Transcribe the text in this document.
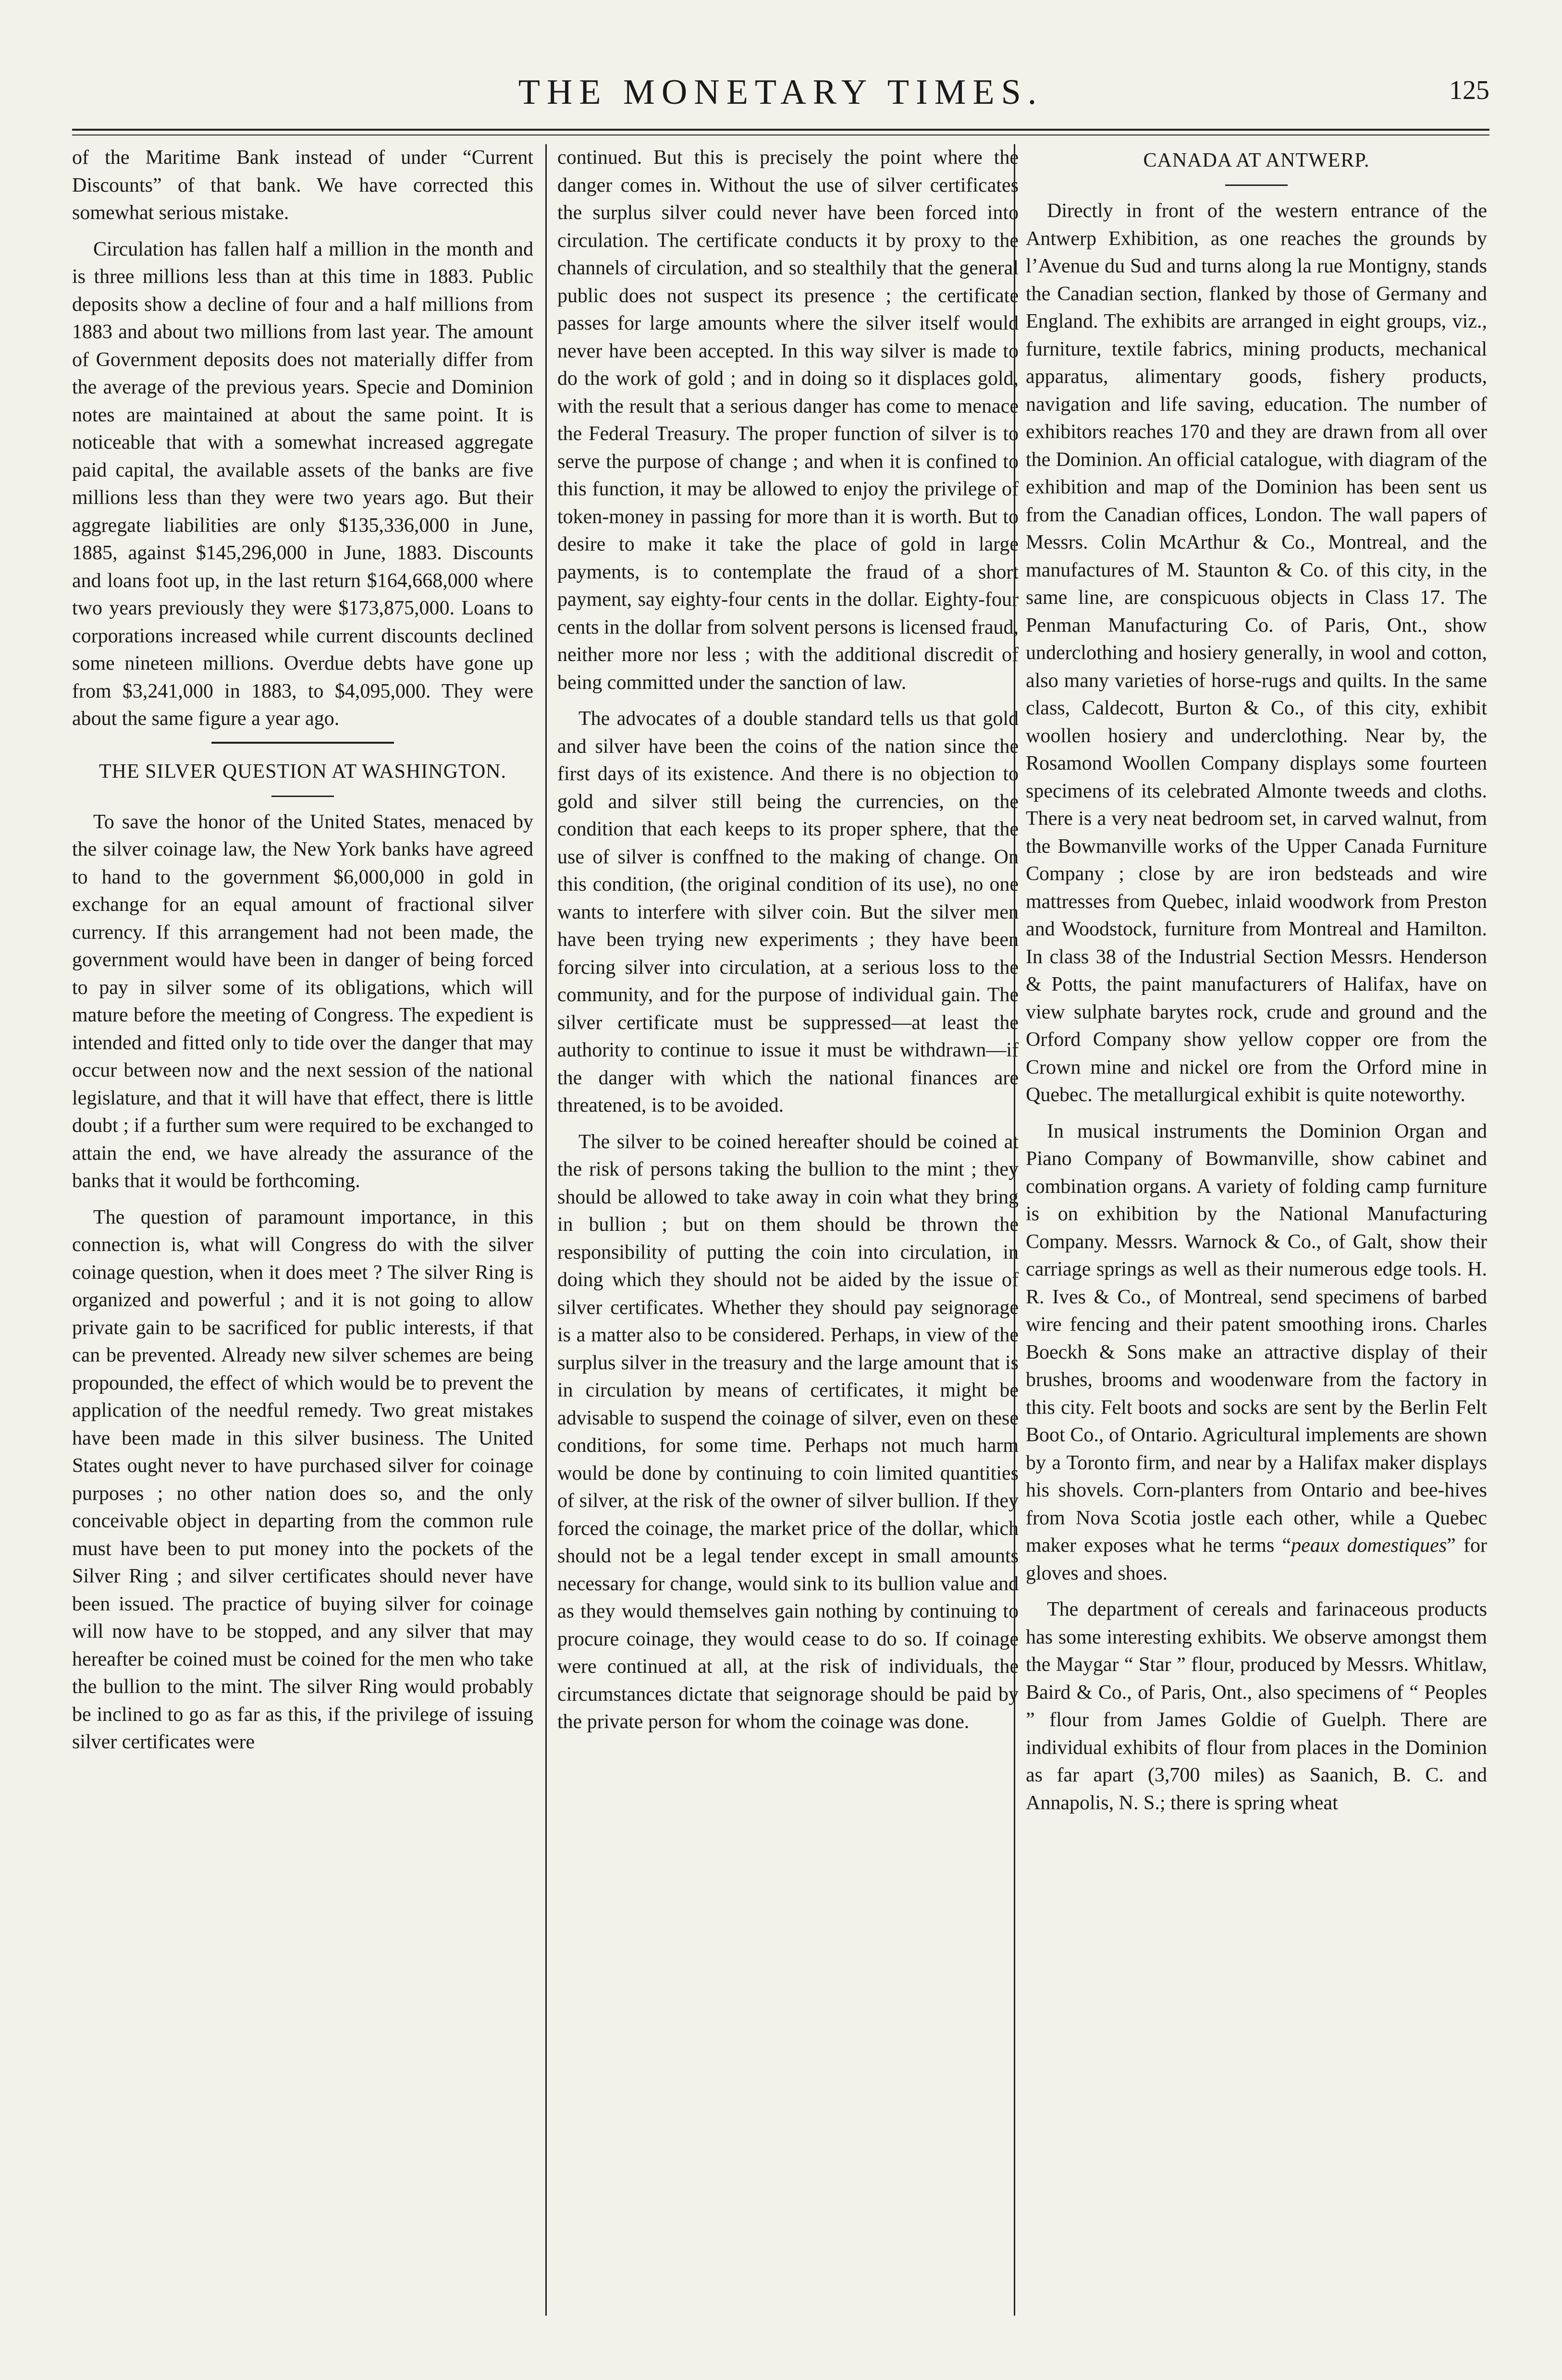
THE MONETARY TIMES.	125

of the Maritime Bank instead of under “Current Discounts” of that bank. We have corrected this somewhat serious mistake.

Circulation has fallen half a million in the month and is three millions less than at this time in 1883. Public deposits show a decline of four and a half millions from 1883 and about two millions from last year. The amount of Government deposits does not materially differ from the average of the previous years. Specie and Dominion notes are maintained at about the same point. It is noticeable that with a somewhat increased aggregate paid capital, the available assets of the banks are five millions less than they were two years ago. But their aggregate liabilities are only $135,336,000 in June, 1885, against $145,296,000 in June, 1883. Discounts and loans foot up, in the last return $164,668,000 where two years previously they were $173,875,000. Loans to corporations increased while current discounts declined some nineteen millions. Overdue debts have gone up from $3,241,000 in 1883, to $4,095,000. They were about the same figure a year ago.

THE SILVER QUESTION AT WASHINGTON.

To save the honor of the United States, menaced by the silver coinage law, the New York banks have agreed to hand to the government $6,000,000 in gold in exchange for an equal amount of fractional silver currency. If this arrangement had not been made, the government would have been in danger of being forced to pay in silver some of its obligations, which will mature before the meeting of Congress. The expedient is intended and fitted only to tide over the danger that may occur between now and the next session of the national legislature, and that it will have that effect, there is little doubt ; if a further sum were required to be exchanged to attain the end, we have already the assurance of the banks that it would be forthcoming.

The question of paramount importance, in this connection is, what will Congress do with the silver coinage question, when it does meet ? The silver Ring is organized and powerful ; and it is not going to allow private gain to be sacrificed for public interests, if that can be prevented. Already new silver schemes are being propounded, the effect of which would be to prevent the application of the needful remedy. Two great mistakes have been made in this silver business. The United States ought never to have purchased silver for coinage purposes ; no other nation does so, and the only conceivable object in departing from the common rule must have been to put money into the pockets of the Silver Ring ; and silver certificates should never have been issued. The practice of buying silver for coinage will now have to be stopped, and any silver that may hereafter be coined must be coined for the men who take the bullion to the mint. The silver Ring would probably be inclined to go as far as this, if the privilege of issuing silver certificates were

continued. But this is precisely the point where the danger comes in. Without the use of silver certificates the surplus silver could never have been forced into circulation. The certificate conducts it by proxy to the channels of circulation, and so stealthily that the general public does not suspect its presence ; the certificate passes for large amounts where the silver itself would never have been accepted. In this way silver is made to do the work of gold ; and in doing so it displaces gold, with the result that a serious danger has come to menace the Federal Treasury. The proper function of silver is to serve the purpose of change ; and when it is confined to this function, it may be allowed to enjoy the privilege of token-money in passing for more than it is worth. But to desire to make it take the place of gold in large payments, is to contemplate the fraud of a short payment, say eighty-four cents in the dollar. Eighty-four cents in the dollar from solvent persons is licensed fraud, neither more nor less ; with the additional discredit of being committed under the sanction of law.

The advocates of a double standard tells us that gold and silver have been the coins of the nation since the first days of its existence. And there is no objection to gold and silver still being the currencies, on the condition that each keeps to its proper sphere, that the use of silver is conffned to the making of change. On this condition, (the original condition of its use), no one wants to interfere with silver coin. But the silver men have been trying new experiments ; they have been forcing silver into circulation, at a serious loss to the community, and for the purpose of individual gain. The silver certificate must be suppressed—at least the authority to continue to issue it must be withdrawn—if the danger with which the national finances are threatened, is to be avoided.

The silver to be coined hereafter should be coined at the risk of persons taking the bullion to the mint ; they should be allowed to take away in coin what they bring in bullion ; but on them should be thrown the responsibility of putting the coin into circulation, in doing which they should not be aided by the issue of silver certificates. Whether they should pay seignorage is a matter also to be considered. Perhaps, in view of the surplus silver in the treasury and the large amount that is in circulation by means of certificates, it might be advisable to suspend the coinage of silver, even on these conditions, for some time. Perhaps not much harm would be done by continuing to coin limited quantities of silver, at the risk of the owner of silver bullion. If they forced the coinage, the market price of the dollar, which should not be a legal tender except in small amounts necessary for change, would sink to its bullion value and as they would themselves gain nothing by continuing to procure coinage, they would cease to do so. If coinage were continued at all, at the risk of individuals, the circumstances dictate that seignorage should be paid by the private person for whom the coinage was done.

CANADA AT ANTWERP.

Directly in front of the western entrance of the Antwerp Exhibition, as one reaches the grounds by l’Avenue du Sud and turns along la rue Montigny, stands the Canadian section, flanked by those of Germany and England. The exhibits are arranged in eight groups, viz., furniture, textile fabrics, mining products, mechanical apparatus, alimentary goods, fishery products, navigation and life saving, education. The number of exhibitors reaches 170 and they are drawn from all over the Dominion. An official catalogue, with diagram of the exhibition and map of the Dominion has been sent us from the Canadian offices, London. The wall papers of Messrs. Colin McArthur & Co., Montreal, and the manufactures of M. Staunton & Co. of this city, in the same line, are conspicuous objects in Class 17. The Penman Manufacturing Co. of Paris, Ont., show underclothing and hosiery generally, in wool and cotton, also many varieties of horse-rugs and quilts. In the same class, Caldecott, Burton & Co., of this city, exhibit woollen hosiery and underclothing. Near by, the Rosamond Woollen Company displays some fourteen specimens of its celebrated Almonte tweeds and cloths. There is a very neat bedroom set, in carved walnut, from the Bowmanville works of the Upper Canada Furniture Company ; close by are iron bedsteads and wire mattresses from Quebec, inlaid woodwork from Preston and Woodstock, furniture from Montreal and Hamilton. In class 38 of the Industrial Section Messrs. Henderson & Potts, the paint manufacturers of Halifax, have on view sulphate barytes rock, crude and ground and the Orford Company show yellow copper ore from the Crown mine and nickel ore from the Orford mine in Quebec. The metallurgical exhibit is quite noteworthy.

In musical instruments the Dominion Organ and Piano Company of Bowmanville, show cabinet and combination organs. A variety of folding camp furniture is on exhibition by the National Manufacturing Company. Messrs. Warnock & Co., of Galt, show their carriage springs as well as their numerous edge tools. H. R. Ives & Co., of Montreal, send specimens of barbed wire fencing and their patent smoothing irons. Charles Boeckh & Sons make an attractive display of their brushes, brooms and woodenware from the factory in this city. Felt boots and socks are sent by the Berlin Felt Boot Co., of Ontario. Agricultural implements are shown by a Toronto firm, and near by a Halifax maker displays his shovels. Corn-planters from Ontario and bee-hives from Nova Scotia jostle each other, while a Quebec maker exposes what he terms “peaux domestiques” for gloves and shoes.

The department of cereals and farinaceous products has some interesting exhibits. We observe amongst them the Maygar “ Star ” flour, produced by Messrs. Whitlaw, Baird & Co., of Paris, Ont., also specimens of “ Peoples ” flour from James Goldie of Guelph. There are individual exhibits of flour from places in the Dominion as far apart (3,700 miles) as Saanich, B. C. and Annapolis, N. S.; there is spring wheat
